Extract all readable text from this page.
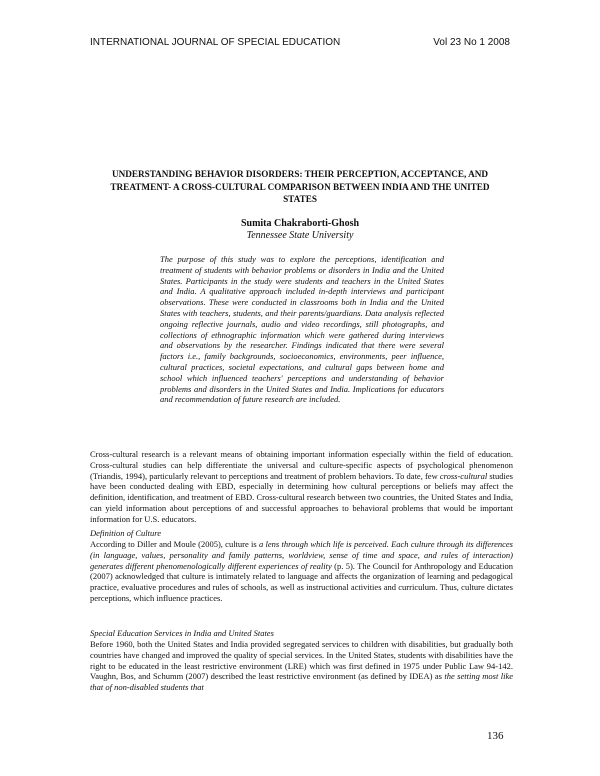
INTERNATIONAL JOURNAL OF SPECIAL EDUCATION	Vol 23 No 1 2008
UNDERSTANDING BEHAVIOR DISORDERS: THEIR PERCEPTION, ACCEPTANCE, AND TREATMENT- A CROSS-CULTURAL COMPARISON BETWEEN INDIA AND THE UNITED STATES
Sumita Chakraborti-Ghosh
Tennessee State University

The purpose of this study was to explore the perceptions, identification and treatment of students with behavior problems or disorders in India and the United States. Participants in the study were students and teachers in the United States and India. A qualitative approach included in-depth interviews and participant observations. These were conducted in classrooms both in India and the United States with teachers, students, and their parents/guardians. Data analysis reflected ongoing reflective journals, audio and video recordings, still photographs, and collections of ethnographic information which were gathered during interviews and observations by the researcher. Findings indicated that there were several factors i.e., family backgrounds, socioeconomics, environments, peer influence, cultural practices, societal expectations, and cultural gaps between home and school which influenced teachers' perceptions and understanding of behavior problems and disorders in the United States and India. Implications for educators and recommendation of future research are included.

Cross-cultural research is a relevant means of obtaining important information especially within the field of education. Cross-cultural studies can help differentiate the universal and culture-specific aspects of psychological phenomenon (Triandis, 1994), particularly relevant to perceptions and treatment of problem behaviors. To date, few cross-cultural studies have been conducted dealing with EBD, especially in determining how cultural perceptions or beliefs may affect the definition, identification, and treatment of EBD. Cross-cultural research between two countries, the United States and India, can yield information about perceptions of and successful approaches to behavioral problems that would be important information for U.S. educators.

Definition of Culture

According to Diller and Moule (2005), culture is a lens through which life is perceived. Each culture through its differences (in language, values, personality and family patterns, worldview, sense of time and space, and rules of interaction) generates different phenomenologically different experiences of reality (p. 5). The Council for Anthropology and Education (2007) acknowledged that culture is intimately related to language and affects the organization of learning and pedagogical practice, evaluative procedures and rules of schools, as well as instructional activities and curriculum. Thus, culture dictates perceptions, which influence practices.

Special Education Services in India and United States

Before 1960, both the United States and India provided segregated services to children with disabilities, but gradually both countries have changed and improved the quality of special services. In the United States, students with disabilities have the right to be educated in the least restrictive environment (LRE) which was first defined in 1975 under Public Law 94-142. Vaughn, Bos, and Schumm (2007) described the least restrictive environment (as defined by IDEA) as the setting most like that of non-disabled students that

136
